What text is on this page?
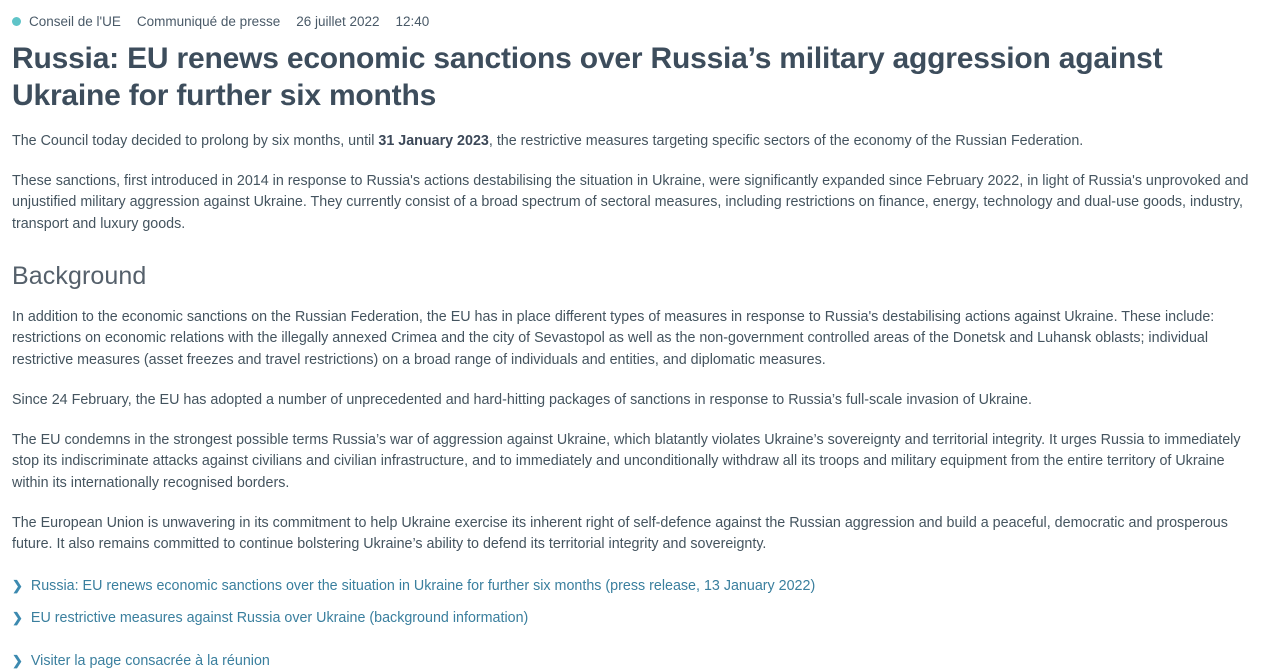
Conseil de l'UE Communiqué de presse 26 juillet 2022 12:40
Russia: EU renews economic sanctions over Russia’s military aggression against Ukraine for further six months

The Council today decided to prolong by six months, until 31 January 2023, the restrictive measures targeting specific sectors of the economy of the Russian Federation.

These sanctions, first introduced in 2014 in response to Russia's actions destabilising the situation in Ukraine, were significantly expanded since February 2022, in light of Russia's unprovoked and unjustified military aggression against Ukraine. They currently consist of a broad spectrum of sectoral measures, including restrictions on finance, energy, technology and dual-use goods, industry, transport and luxury goods.

Background

In addition to the economic sanctions on the Russian Federation, the EU has in place different types of measures in response to Russia's destabilising actions against Ukraine. These include: restrictions on economic relations with the illegally annexed Crimea and the city of Sevastopol as well as the non-government controlled areas of the Donetsk and Luhansk oblasts; individual restrictive measures (asset freezes and travel restrictions) on a broad range of individuals and entities, and diplomatic measures.

Since 24 February, the EU has adopted a number of unprecedented and hard-hitting packages of sanctions in response to Russia’s full-scale invasion of Ukraine.

The EU condemns in the strongest possible terms Russia’s war of aggression against Ukraine, which blatantly violates Ukraine’s sovereignty and territorial integrity. It urges Russia to immediately stop its indiscriminate attacks against civilians and civilian infrastructure, and to immediately and unconditionally withdraw all its troops and military equipment from the entire territory of Ukraine within its internationally recognised borders.

The European Union is unwavering in its commitment to help Ukraine exercise its inherent right of self-defence against the Russian aggression and build a peaceful, democratic and prosperous future. It also remains committed to continue bolstering Ukraine’s ability to defend its territorial integrity and sovereignty.

❯ Russia: EU renews economic sanctions over the situation in Ukraine for further six months (press release, 13 January 2022)
❯ EU restrictive measures against Russia over Ukraine (background information)
❯ Visiter la page consacrée à la réunion
